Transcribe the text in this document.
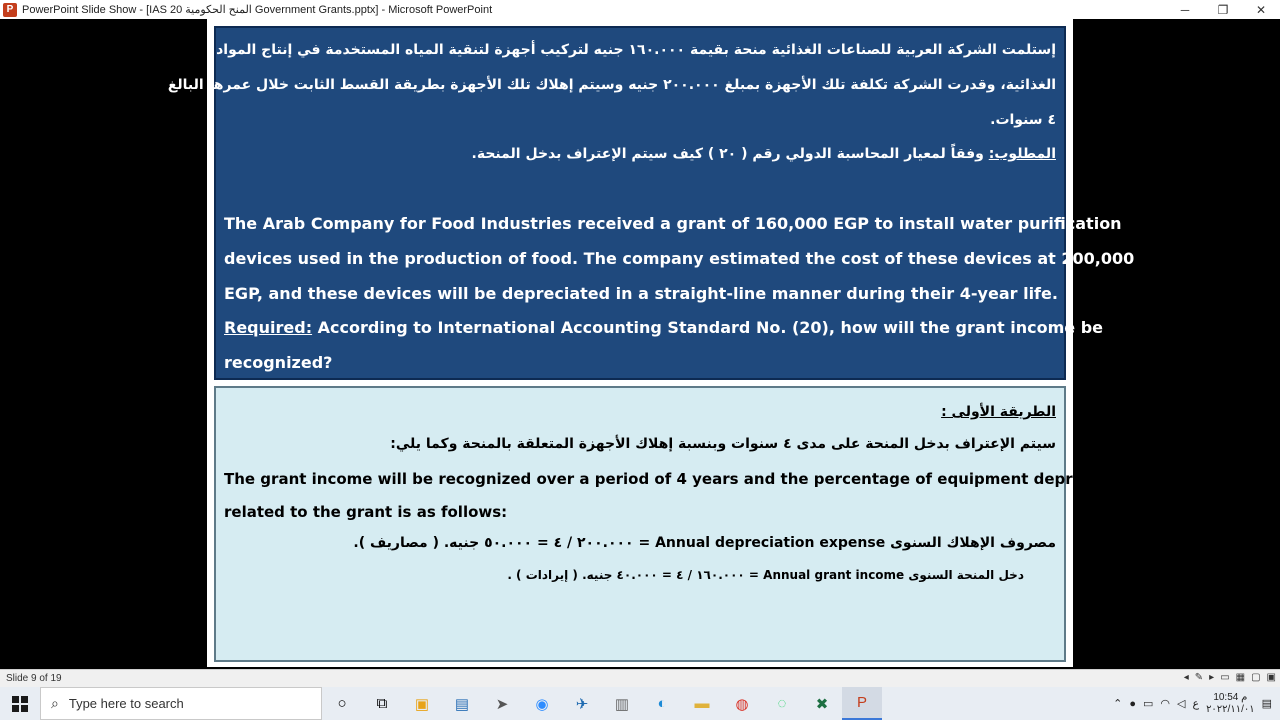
P PowerPoint Slide Show - [IAS 20 المنح الحكومية Government Grants.pptx] - Microsoft PowerPoint	─	❐	✕
إستلمت الشركة العربية للصناعات الغذائية منحة بقيمة ١٦٠.٠٠٠ جنيه لتركيب أجهزة لتنقية المياه المستخدمة في إنتاج المواد
الغذائية، وقدرت الشركة تكلفة تلك الأجهزة بمبلغ ٢٠٠.٠٠٠ جنيه وسيتم إهلاك تلك الأجهزة بطريقة القسط الثابت خلال عمرها البالغ
٤ سنوات.
المطلوب: وفقاً لمعيار المحاسبة الدولي رقم ( ٢٠ ) كيف سيتم الإعتراف بدخل المنحة.
The Arab Company for Food Industries received a grant of 160,000 EGP to install water purification
devices used in the production of food. The company estimated the cost of these devices at 200,000
EGP, and these devices will be depreciated in a straight-line manner during their 4-year life.
Required: According to International Accounting Standard No. (20), how will the grant income be
recognized?
الطريقة الأولى :
سيتم الإعتراف بدخل المنحة على مدى ٤ سنوات وبنسبة إهلاك الأجهزة المتعلقة بالمنحة وكما يلي:
The grant income will be recognized over a period of 4 years and the percentage of equipment depreciation
related to the grant is as follows:
مصروف الإهلاك السنوى Annual depreciation expense = ٢٠٠.٠٠٠ / ٤ = ٥٠.٠٠٠ جنيه. ( مصاريف ).
دخل المنحة السنوى Annual grant income = ١٦٠.٠٠٠ / ٤ = ٤٠.٠٠٠ جنيه. ( إيرادات ) .
Slide 9 of 19	◂ ✎ ▸ ▭ ▦ ▢ ▣
⌕ Type here to search	○	⧉	▣	▤	➤	◉	✈	▥	◐	▬	◍	◌	✖	P	⌃ ● ▭ ◠ ◁ ع
10:54 م
٢٠٢٢/١١/٠١ ▤
